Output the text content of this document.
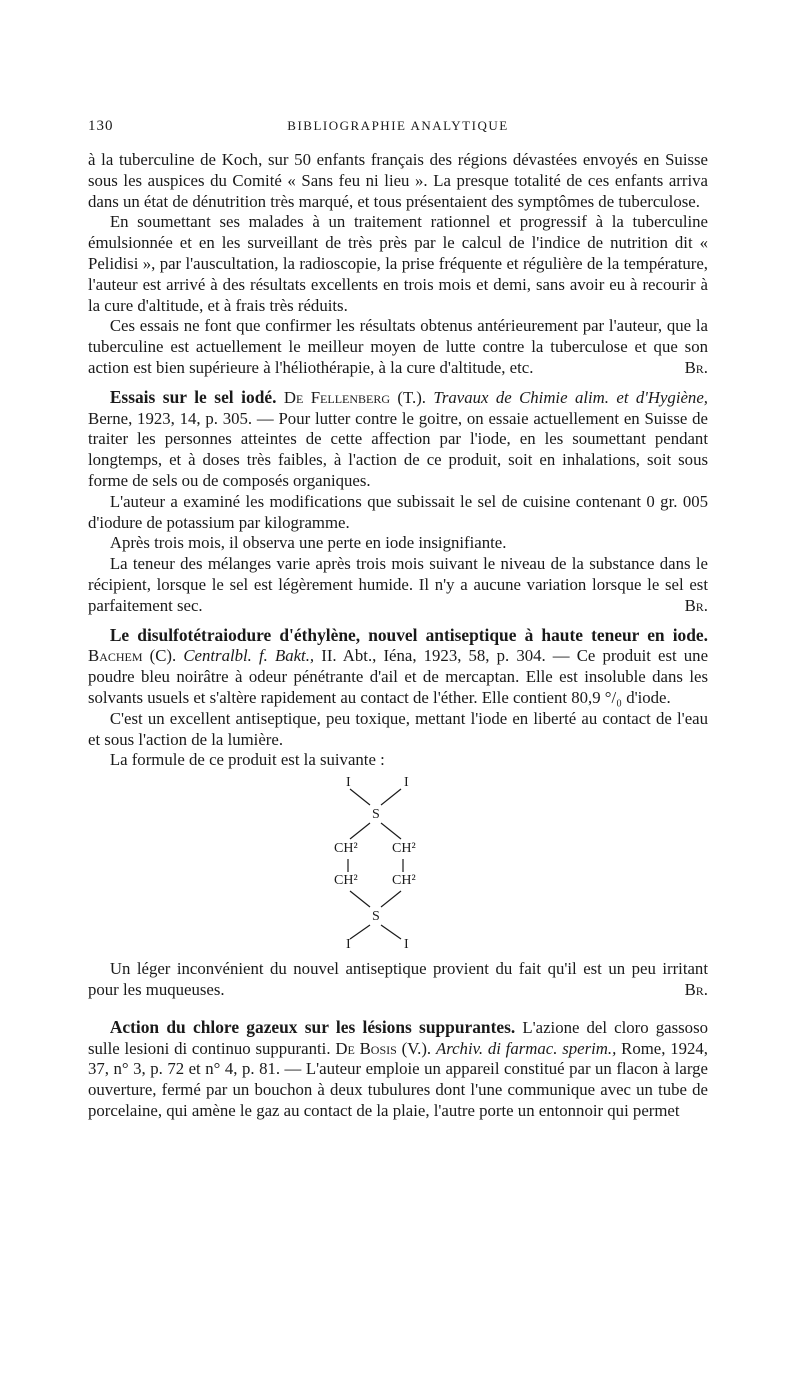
130	BIBLIOGRAPHIE ANALYTIQUE

à la tuberculine de Koch, sur 50 enfants français des régions dévastées envoyés en Suisse sous les auspices du Comité « Sans feu ni lieu ». La presque totalité de ces enfants arriva dans un état de dénutrition très marqué, et tous présentaient des symptômes de tuberculose.

En soumettant ses malades à un traitement rationnel et progressif à la tuberculine émulsionnée et en les surveillant de très près par le calcul de l'indice de nutrition dit « Pelidisi », par l'auscultation, la radioscopie, la prise fréquente et régulière de la température, l'auteur est arrivé à des résultats excellents en trois mois et demi, sans avoir eu à recourir à la cure d'altitude, et à frais très réduits.

Ces essais ne font que confirmer les résultats obtenus antérieurement par l'auteur, que la tuberculine est actuellement le meilleur moyen de lutte contre la tuberculose et que son action est bien supérieure à l'héliothérapie, à la cure d'altitude, etc.	Br.

Essais sur le sel iodé. De Fellenberg (T.). Travaux de Chimie alim. et d'Hygiène, Berne, 1923, 14, p. 305. — Pour lutter contre le goitre, on essaie actuellement en Suisse de traiter les personnes atteintes de cette affection par l'iode, en les soumettant pendant longtemps, et à doses très faibles, à l'action de ce produit, soit en inhalations, soit sous forme de sels ou de composés organiques.

L'auteur a examiné les modifications que subissait le sel de cuisine contenant 0 gr. 005 d'iodure de potassium par kilogramme.

Après trois mois, il observa une perte en iode insignifiante.

La teneur des mélanges varie après trois mois suivant le niveau de la substance dans le récipient, lorsque le sel est légèrement humide. Il n'y a aucune variation lorsque le sel est parfaitement sec.	Br.

Le disulfotétraiodure d'éthylène, nouvel antiseptique à haute teneur en iode. Bachem (C). Centralbl. f. Bakt., II. Abt., Iéna, 1923, 58, p. 304. — Ce produit est une poudre bleu noirâtre à odeur pénétrante d'ail et de mercaptan. Elle est insoluble dans les solvants usuels et s'altère rapidement au contact de l'éther. Elle contient 80,9 °/₀ d'iode.

C'est un excellent antiseptique, peu toxique, mettant l'iode en liberté au contact de l'eau et sous l'action de la lumière.

La formule de ce produit est la suivante :

I	I
S
CH² CH²
CH² CH²
S
I	I

Un léger inconvénient du nouvel antiseptique provient du fait qu'il est un peu irritant pour les muqueuses.	Br.

Action du chlore gazeux sur les lésions suppurantes. L'azione del cloro gassoso sulle lesioni di continuo suppuranti. De Bosis (V.). Archiv. di farmac. sperim., Rome, 1924, 37, n° 3, p. 72 et n° 4, p. 81. — L'auteur emploie un appareil constitué par un flacon à large ouverture, fermé par un bouchon à deux tubulures dont l'une communique avec un tube de porcelaine, qui amène le gaz au contact de la plaie, l'autre porte un entonnoir qui permet
